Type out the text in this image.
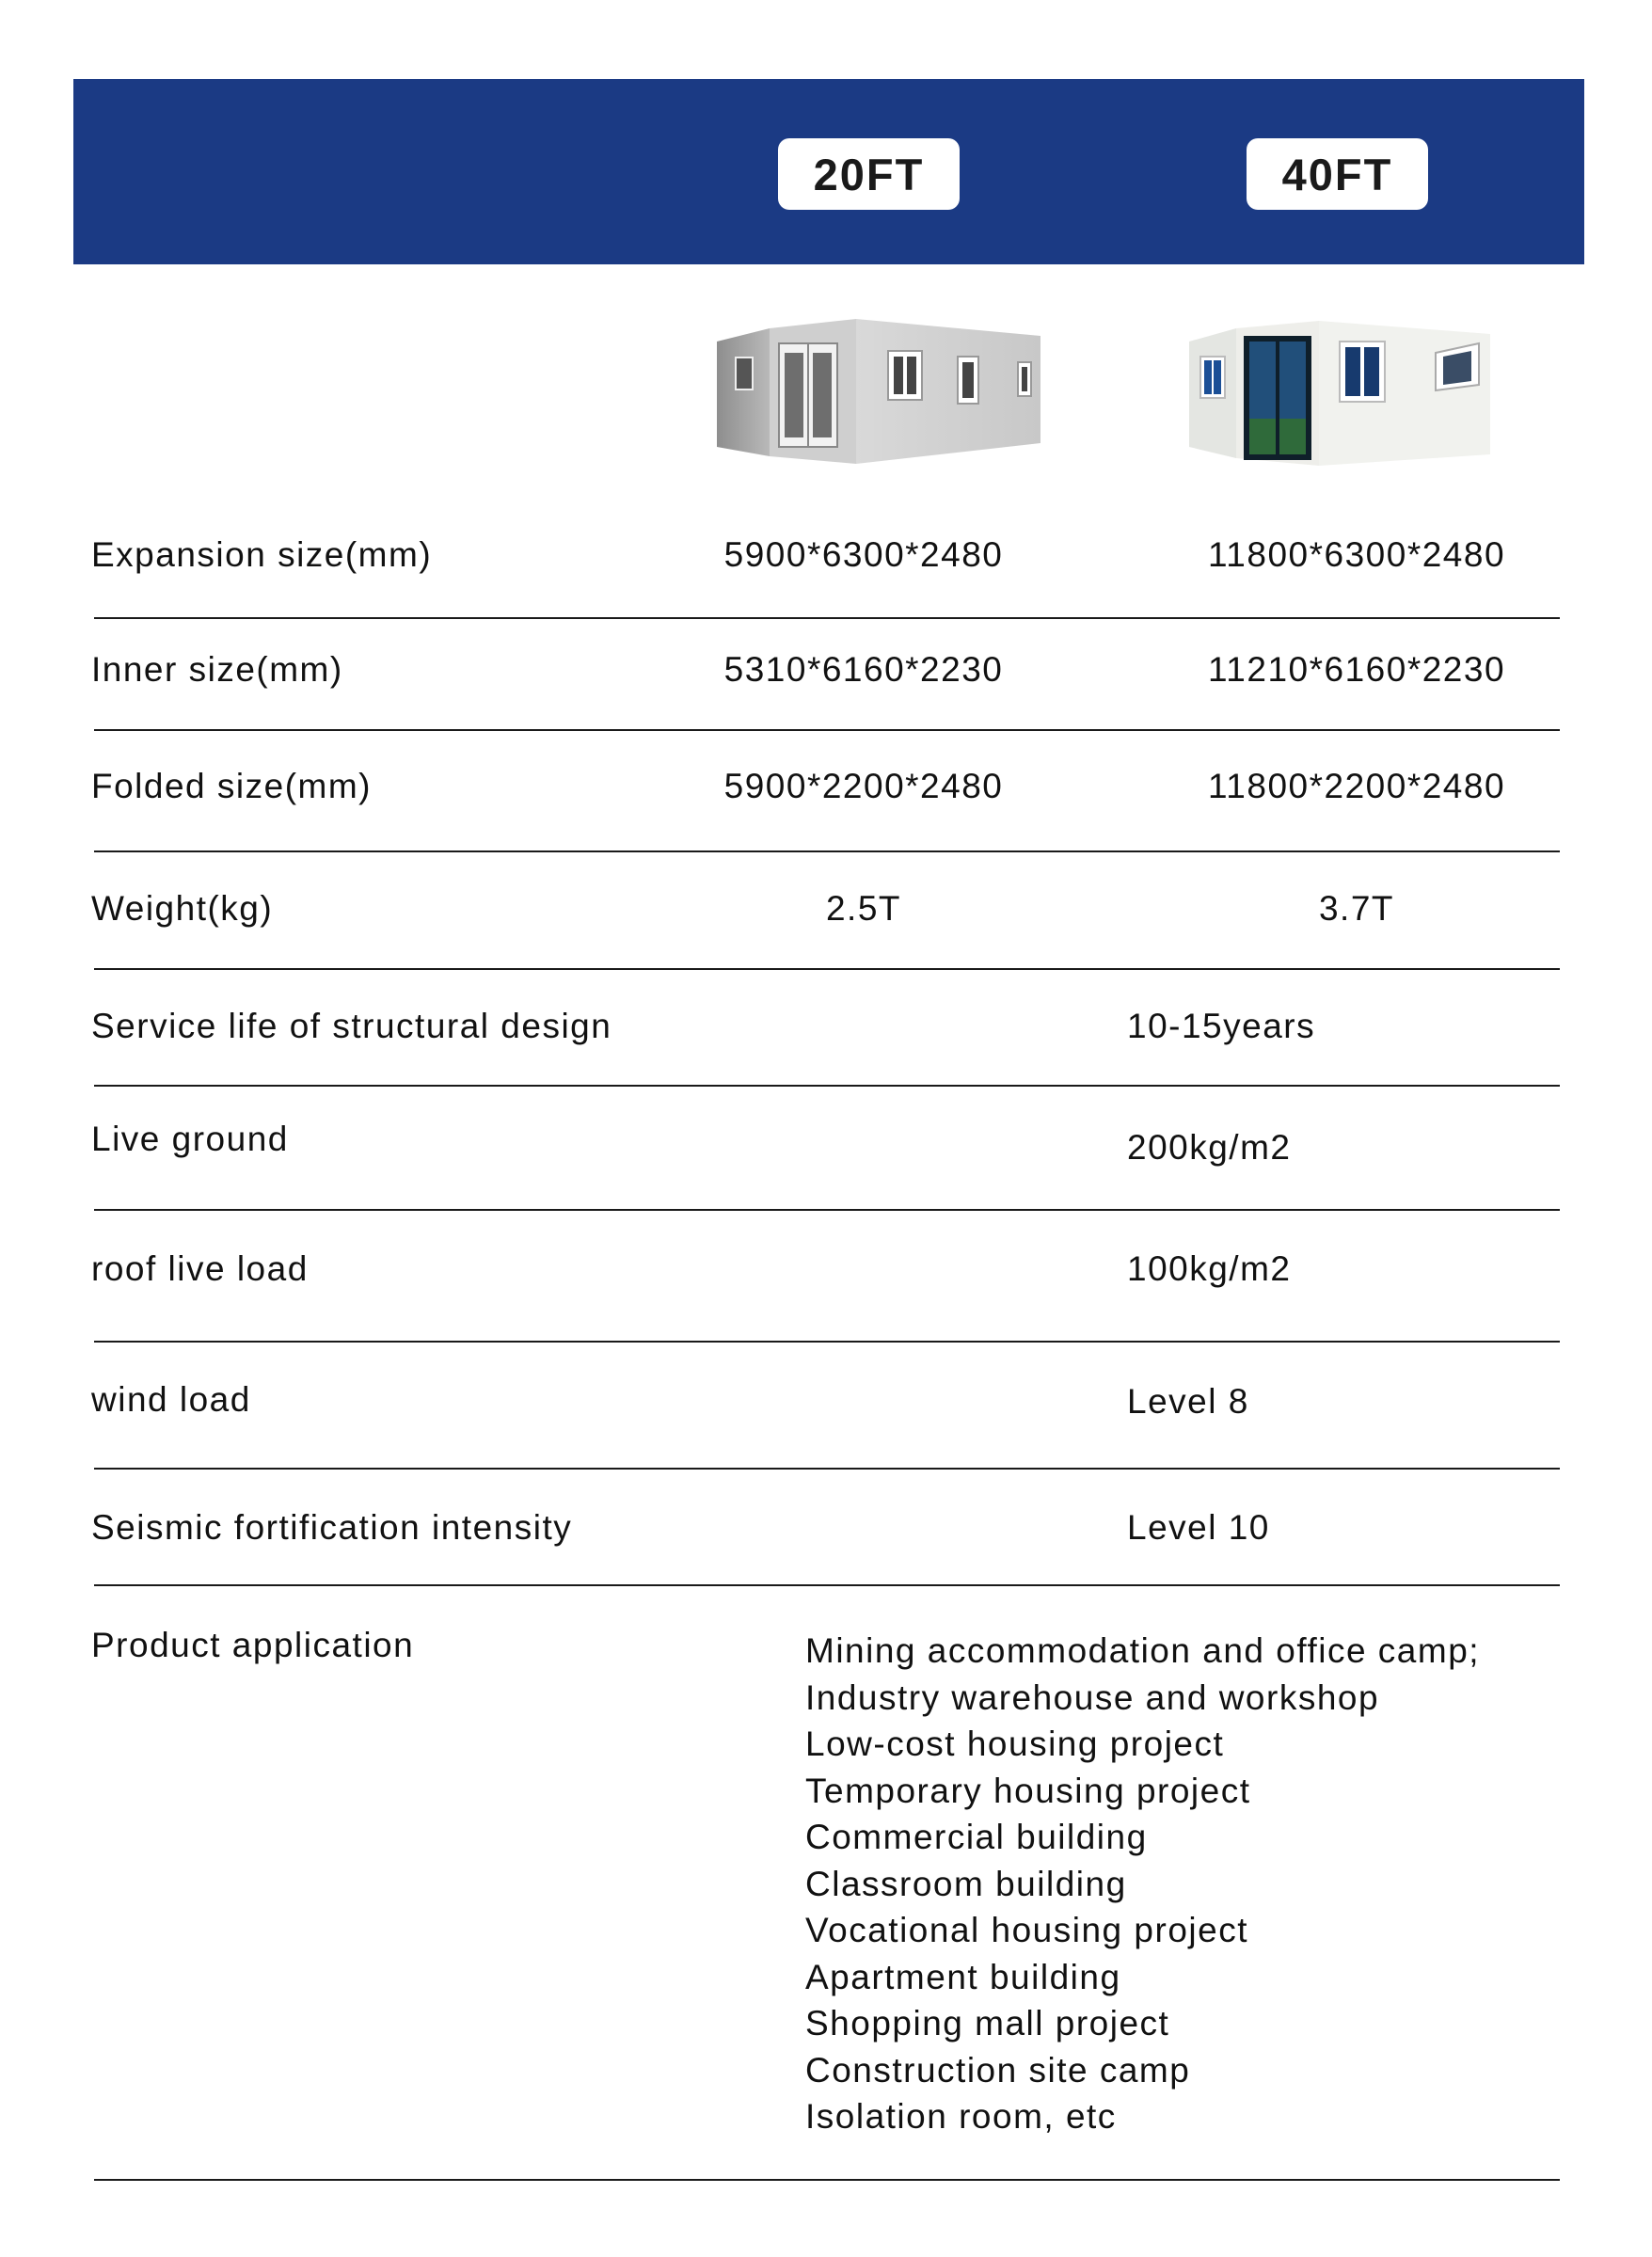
20FT	40FT
Expansion size(mm)	5900*6300*2480	11800*6300*2480
Inner size(mm)	5310*6160*2230	11210*6160*2230
Folded size(mm)	5900*2200*2480	11800*2200*2480
Weight(kg)	2.5T	3.7T
Service life of structural design	10-15years
Live ground	200kg/m2
roof live load	100kg/m2
wind load	Level 8
Seismic fortification intensity	Level 10
Product application	Mining accommodation and office camp;
Industry warehouse and workshop
Low-cost housing project
Temporary housing project
Commercial building
Classroom building
Vocational housing project
Apartment building
Shopping mall project
Construction site camp
Isolation room, etc
